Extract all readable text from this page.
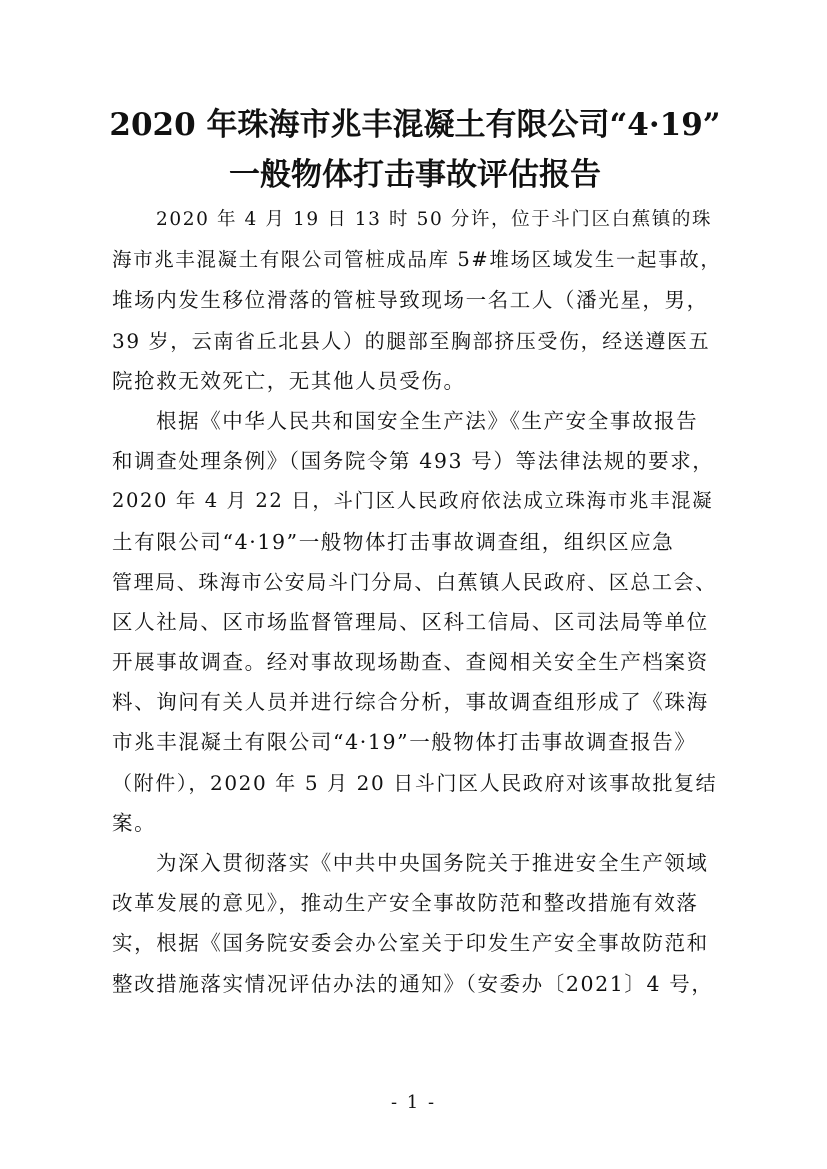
2020 年珠海市兆丰混凝土有限公司“4·19”
一般物体打击事故评估报告
2020 年 4 月 19 日 13 时 50 分许，位于斗门区白蕉镇的珠
海市兆丰混凝土有限公司管桩成品库 5#堆场区域发生一起事故，
堆场内发生移位滑落的管桩导致现场一名工人（潘光星，男，
39 岁，云南省丘北县人）的腿部至胸部挤压受伤，经送遵医五
院抢救无效死亡，无其他人员受伤。
根据《中华人民共和国安全生产法》《生产安全事故报告
和调查处理条例》（国务院令第 493 号）等法律法规的要求，
2020 年 4 月 22 日，斗门区人民政府依法成立珠海市兆丰混凝
土有限公司“4·19”一般物体打击事故调查组，组织区应急
管理局、珠海市公安局斗门分局、白蕉镇人民政府、区总工会、
区人社局、区市场监督管理局、区科工信局、区司法局等单位
开展事故调查。经对事故现场勘查、查阅相关安全生产档案资
料、询问有关人员并进行综合分析，事故调查组形成了《珠海
市兆丰混凝土有限公司“4·19”一般物体打击事故调查报告》
（附件），2020 年 5 月 20 日斗门区人民政府对该事故批复结
案。
为深入贯彻落实《中共中央国务院关于推进安全生产领域
改革发展的意见》，推动生产安全事故防范和整改措施有效落
实，根据《国务院安委会办公室关于印发生产安全事故防范和
整改措施落实情况评估办法的通知》（安委办〔2021〕4 号，
- 1 -
